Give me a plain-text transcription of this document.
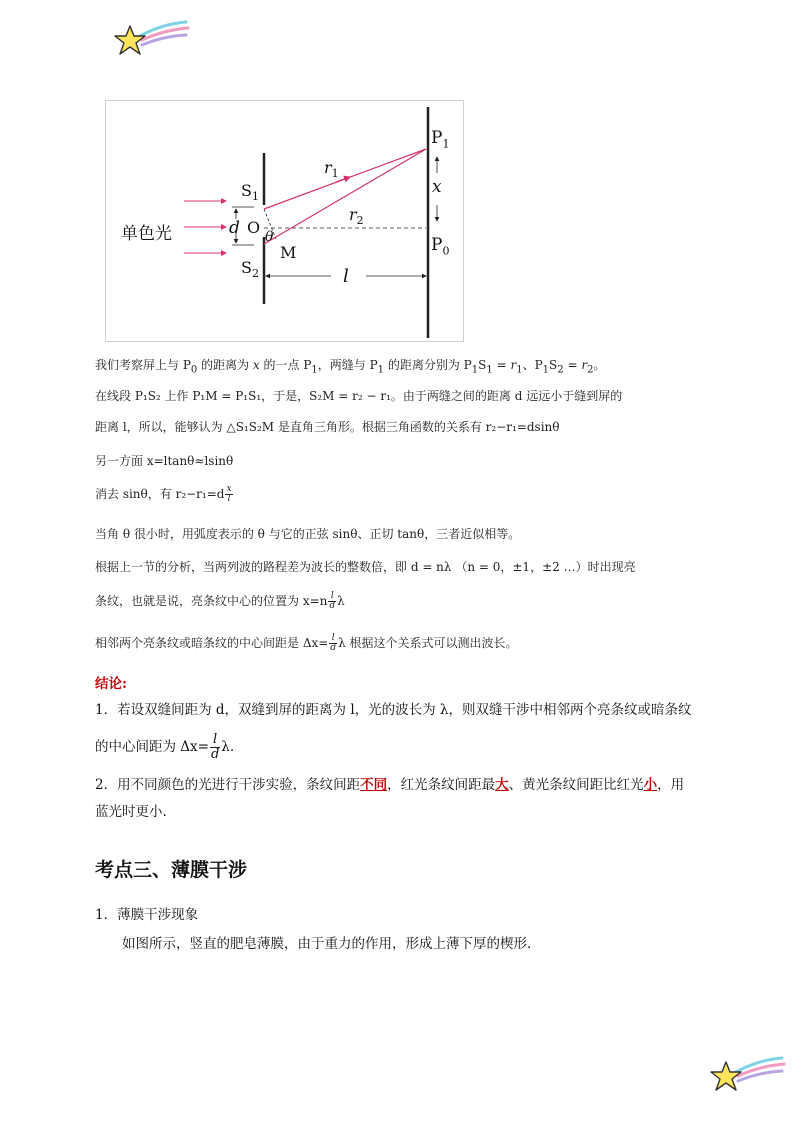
单色光
$S_1$
d O θ
M
$S_2$
$r_1$
$r_2$
$P_1$
x
$P_0$
l
我们考察屏上与 $P_0$ 的距离为 x 的一点 $P_1$，两缝与 $P_1$ 的距离分别为 $P_1S_1 = r_1$、$P_1S_2 = r_2$。
在线段 P₁S₂ 上作 P₁M = P₁S₁，于是，S₂M = r₂ − r₁。由于两缝之间的距离 d 远远小于缝到屏的
距离 l，所以，能够认为 △S₁S₂M 是直角三角形。根据三角函数的关系有 r₂−r₁=dsinθ
另一方面 x=ltanθ≈lsinθ
消去 sinθ，有 $r_2-r_1=d \frac{x}{l}$
当角 θ 很小时，用弧度表示的 θ 与它的正弦 sinθ、正切 tanθ，三者近似相等。
根据上一节的分析，当两列波的路程差为波长的整数倍，即 d = nλ （n = 0，±1，±2 …）时出现亮
条纹，也就是说，亮条纹中心的位置为 $x=n \frac{l}{d}$ λ
相邻两个亮条纹或暗条纹的中心间距是 $\Delta x= \frac{l}{d}$ λ 根据这个关系式可以测出波长。
结论:
1．若设双缝间距为 d，双缝到屏的距离为 l，光的波长为 λ，则双缝干涉中相邻两个亮条纹或暗条纹
的中心间距为 $\Delta x= \frac{l}{d} \lambda$.
2．用不同颜色的光进行干涉实验，条纹间距不同，红光条纹间距最大、黄光条纹间距比红光小，用
蓝光时更小.
考点三、薄膜干涉
1．薄膜干涉现象
如图所示，竖直的肥皂薄膜，由于重力的作用，形成上薄下厚的楔形.
